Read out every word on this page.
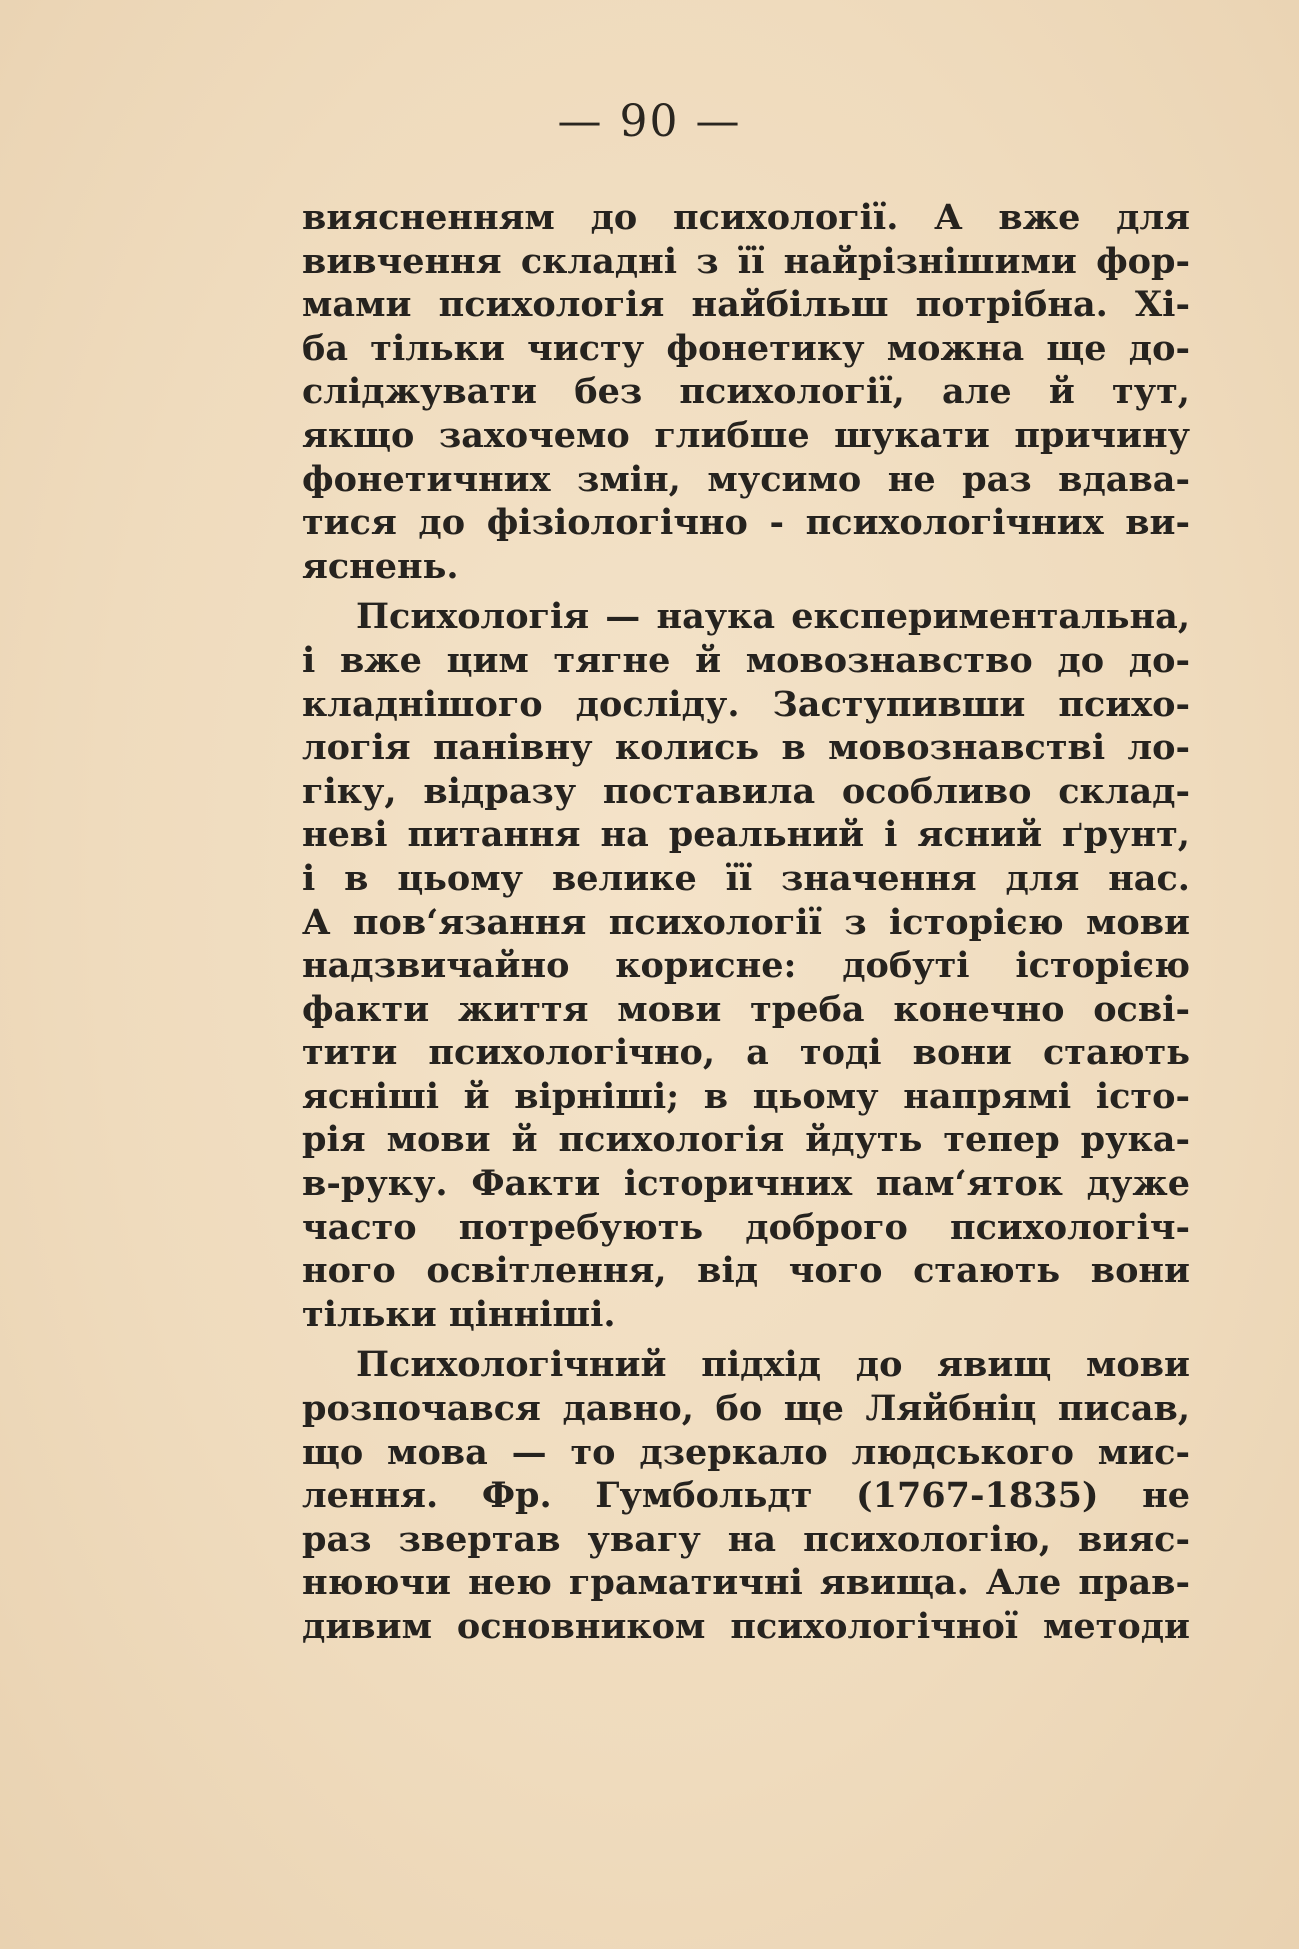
— 90 —
виясненням до психології. А вже для
вивчення складні з її найрізнішими фор-
мами психологія найбільш потрібна. Хі-
ба тільки чисту фонетику можна ще до-
сліджувати без психології, але й тут,
якщо захочемо глибше шукати причину
фонетичних змін, мусимо не раз вдава-
тися до фізіологічно - психологічних ви-
яснень.
Психологія — наука експериментальна,
і вже цим тягне й мовознавство до до-
кладнішого досліду. Заступивши психо-
логія панівну колись в мовознавстві ло-
гіку, відразу поставила особливо склад-
неві питання на реальний і ясний ґрунт,
і в цьому велике її значення для нас.
А пов‘язання психології з історією мови
надзвичайно корисне: добуті історією
факти життя мови треба конечно осві-
тити психологічно, а тоді вони стають
ясніші й вірніші; в цьому напрямі істо-
рія мови й психологія йдуть тепер рука-
в-руку. Факти історичних пам‘яток дуже
часто потребують доброго психологіч-
ного освітлення, від чого стають вони
тільки цінніші.
Психологічний підхід до явищ мови
розпочався давно, бо ще Ляйбніц писав,
що мова — то дзеркало людського мис-
лення. Фр. Гумбольдт (1767-1835) не
раз звертав увагу на психологію, вияс-
нюючи нею граматичні явища. Але прав-
дивим основником психологічної методи
